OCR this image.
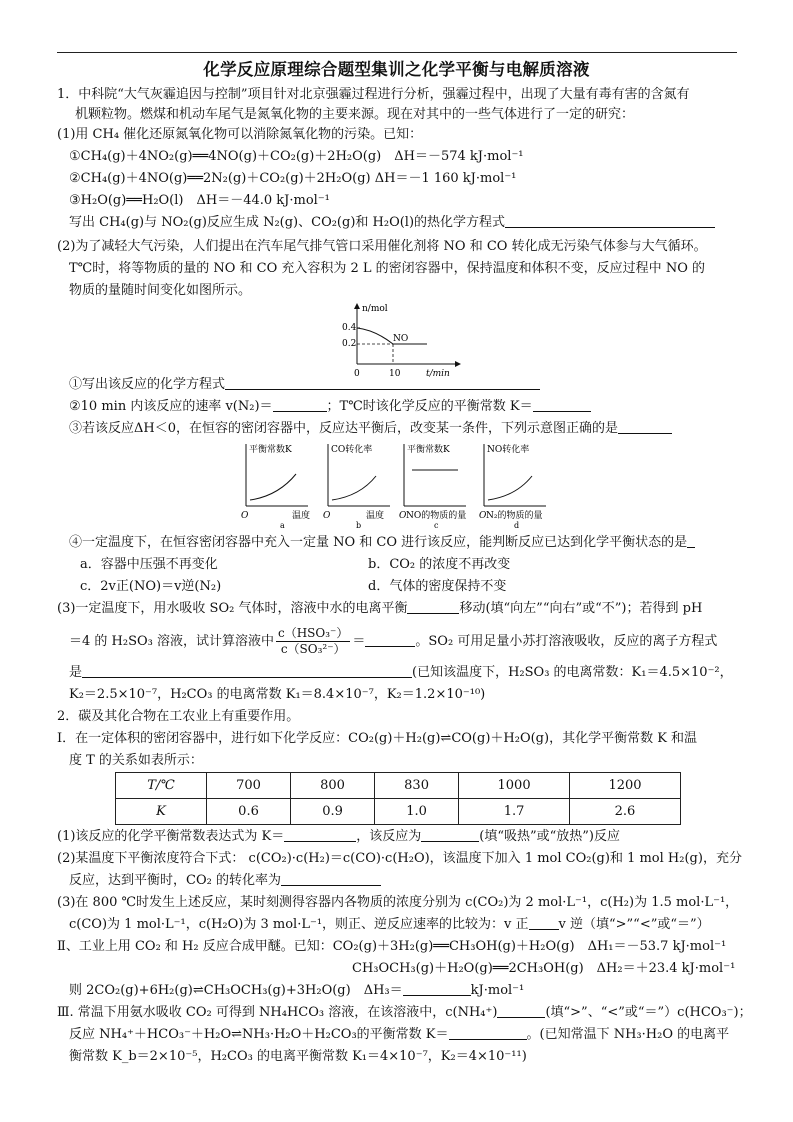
化学反应原理综合题型集训之化学平衡与电解质溶液
1．中科院“大气灰霾追因与控制”项目针对北京强霾过程进行分析，强霾过程中，出现了大量有毒有害的含氮有
机颗粒物。燃煤和机动车尾气是氮氧化物的主要来源。现在对其中的一些气体进行了一定的研究：
(1)用 CH₄ 催化还原氮氧化物可以消除氮氧化物的污染。已知：
①CH₄(g)＋4NO₂(g)══4NO(g)＋CO₂(g)＋2H₂O(g)　ΔH＝－574 kJ·mol⁻¹
②CH₄(g)＋4NO(g)══2N₂(g)＋CO₂(g)＋2H₂O(g) ΔH＝－1 160 kJ·mol⁻¹
③H₂O(g)══H₂O(l)　ΔH＝－44.0 kJ·mol⁻¹
写出 CH₄(g)与 NO₂(g)反应生成 N₂(g)、CO₂(g)和 H₂O(l)的热化学方程式
(2)为了减轻大气污染，人们提出在汽车尾气排气管口采用催化剂将 NO 和 CO 转化成无污染气体参与大气循环。
T℃时，将等物质的量的 NO 和 CO 充入容积为 2 L 的密闭容器中，保持温度和体积不变，反应过程中 NO 的
物质的量随时间变化如图所示。
n/mol
t/min
0.4
0.2
0	10
NO
①写出该反应的化学方程式
②10 min 内该反应的速率 v(N₂)＝	；T℃时该化学反应的平衡常数 K＝
③若该反应ΔH＜0，在恒容的密闭容器中，反应达平衡后，改变某一条件，下列示意图正确的是
平衡常数K
O	温度
a
CO转化率
O	温度
b
平衡常数K
O NO的物质的量
c
NO转化率
O N₂的物质的量
d
④一定温度下，在恒容密闭容器中充入一定量 NO 和 CO 进行该反应，能判断反应已达到化学平衡状态的是
a．容器中压强不再变化	b．CO₂ 的浓度不再改变
c．2v正(NO)＝v逆(N₂)	d．气体的密度保持不变
(3)一定温度下，用水吸收 SO₂ 气体时，溶液中水的电离平衡	移动(填“向左”“向右”或“不”)；若得到 pH
＝4 的 H₂SO₃ 溶液，试计算溶液中 $\frac{\text{c（HSO₃⁻）}}{\text{c（SO₃²⁻）}}$ ＝	。SO₂ 可用足量小苏打溶液吸收，反应的离子方程式
是	(已知该温度下，H₂SO₃ 的电离常数：K₁＝4.5×10⁻²，
K₂＝2.5×10⁻⁷，H₂CO₃ 的电离常数 K₁＝8.4×10⁻⁷，K₂＝1.2×10⁻¹⁰)
2．碳及其化合物在工农业上有重要作用。
Ⅰ．在一定体积的密闭容器中，进行如下化学反应：CO₂(g)＋H₂(g)⇌CO(g)＋H₂O(g)，其化学平衡常数 K 和温
度 T 的关系如表所示：
T/℃	700	800	830	1000	1200
K	0.6	0.9	1.0	1.7	2.6
(1)该反应的化学平衡常数表达式为 K＝	，该反应为	(填“吸热”或“放热”)反应
(2)某温度下平衡浓度符合下式： c(CO₂)·c(H₂)＝c(CO)·c(H₂O)，该温度下加入 1 mol CO₂(g)和 1 mol H₂(g)，充分
反应，达到平衡时，CO₂ 的转化率为
(3)在 800 ℃时发生上述反应，某时刻测得容器内各物质的浓度分别为 c(CO₂)为 2 mol·L⁻¹，c(H₂)为 1.5 mol·L⁻¹，
c(CO)为 1 mol·L⁻¹，c(H₂O)为 3 mol·L⁻¹，则正、逆反应速率的比较为：v 正 v 逆（填“>”“<”或“＝”）
Ⅱ、工业上用 CO₂ 和 H₂ 反应合成甲醚。已知：CO₂(g)＋3H₂(g)══CH₃OH(g)＋H₂O(g)　ΔH₁＝－53.7 kJ·mol⁻¹
CH₃OCH₃(g)＋H₂O(g)══2CH₃OH(g)　ΔH₂＝＋23.4 kJ·mol⁻¹
则 2CO₂(g)+6H₂(g)⇌CH₃OCH₃(g)+3H₂O(g)　ΔH₃＝	kJ·mol⁻¹
Ⅲ. 常温下用氨水吸收 CO₂ 可得到 NH₄HCO₃ 溶液，在该溶液中，c(NH₄⁺)	(填“>”、“<”或“＝”）c(HCO₃⁻)；
反应 NH₄⁺＋HCO₃⁻＋H₂O⇌NH₃·H₂O＋H₂CO₃的平衡常数 K＝	。(已知常温下 NH₃·H₂O 的电离平
衡常数 K_b＝2×10⁻⁵，H₂CO₃ 的电离平衡常数 K₁＝4×10⁻⁷，K₂＝4×10⁻¹¹)
